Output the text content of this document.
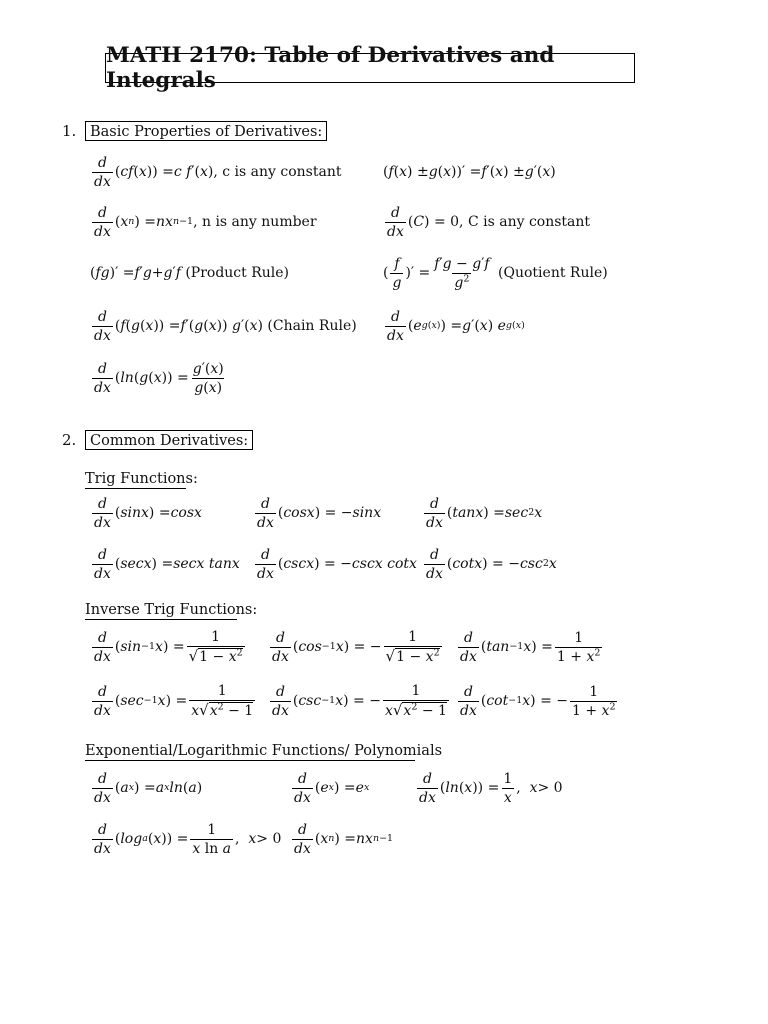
MATH 2170: Table of Derivatives and Integrals
1. Basic Properties of Derivatives:
d
dx
( cf ( x )) = c
f ′( x ) , c is any constant	( f ( x ) ± g ( x ))′ = f ′( x ) ± g ′( x )
d
dx
( x n ) = nx n−1 , n is any number
d
dx
( C ) = 0, C is any constant
( fg )′ = f ′ g + g ′ f
(Product Rule)	(
f
g
)′ =
f′g − g′f
$g^2$
(Quotient Rule)
d
dx
( f ( g ( x )) = f ′( g ( x )) g ′( x ) (Chain Rule)
d
dx
( e g(x) ) = g ′( x ) e g(x)
d
dx
( ln ( g ( x )) =
g′(x)
g(x)
2. Common Derivatives:
Trig Functions:
d
dx
( sinx ) = cosx
d
dx
( cosx ) = − sinx
d
dx
( tanx ) = sec 2 x
d
dx
( secx ) = secx
tanx
d
dx
( cscx ) = − cscx
cotx
d
dx
( cotx ) = − csc 2 x
Inverse Trig Functions:
d
dx
( sin −1 x ) =
1
$√1 - x^2$
d
dx
( cos −1 x ) = −
1
$√1 - x^2$
d
dx
( tan −1 x ) =
1
$1 + x^2$
d
dx
( sec −1 x ) =
1
$x√x^2 - 1$
d
dx
( csc −1 x ) = −
1
$x√x^2 - 1$
d
dx
( cot −1 x ) = −
1
$1 + x^2$
Exponential/Logarithmic Functions/ Polynomials
d
dx
( a x ) = a x ln ( a )
d
dx
( e x ) = e x
d
dx
( ln ( x )) =
1
x
, x > 0
d
dx
( log a ( x )) =
1
x ln a
, x > 0
d
dx
( x n ) = nx n−1
